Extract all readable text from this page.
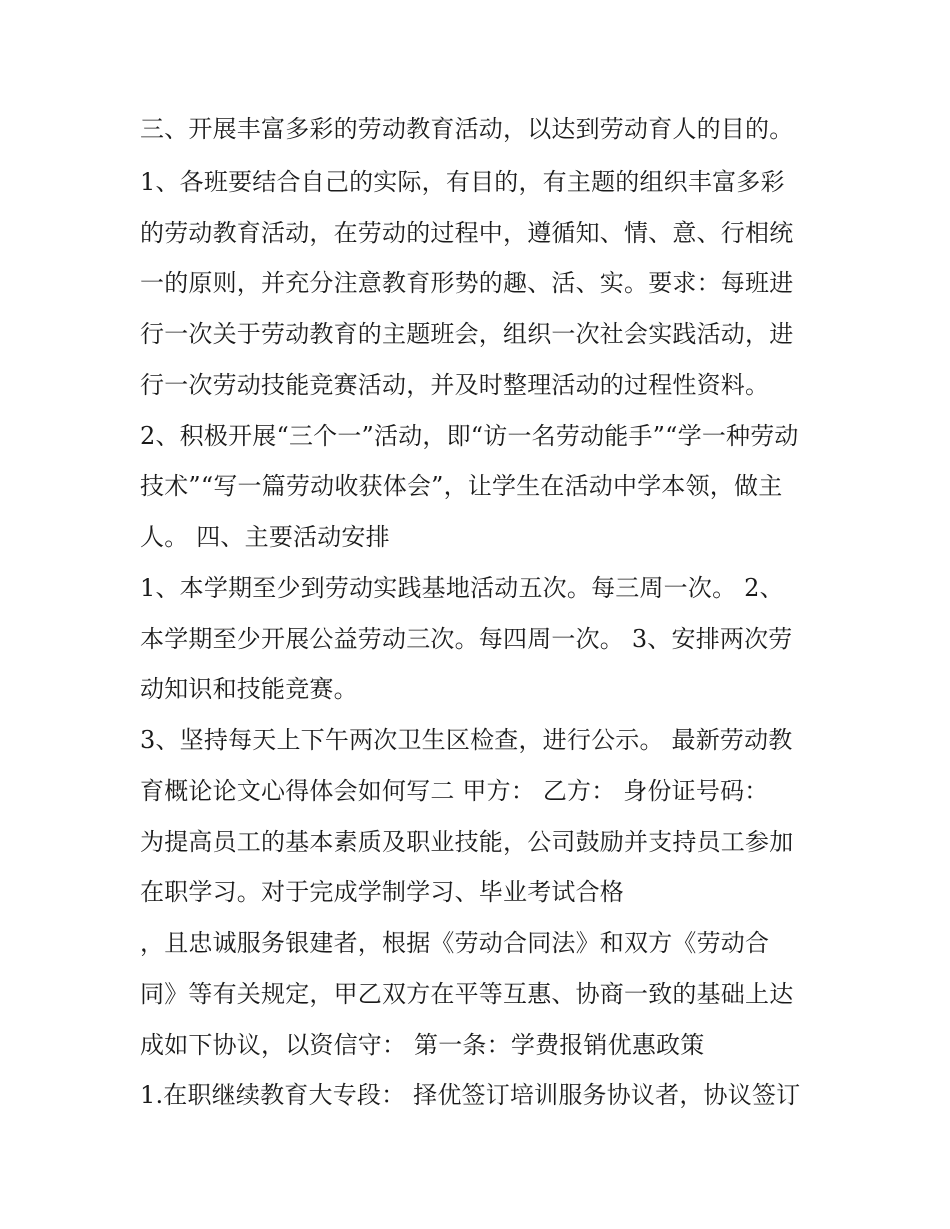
三、开展丰富多彩的劳动教育活动，以达到劳动育人的目的。

1、各班要结合自己的实际，有目的，有主题的组织丰富多彩

的劳动教育活动，在劳动的过程中，遵循知、情、意、行相统

一的原则，并充分注意教育形势的趣、活、实。要求：每班进

行一次关于劳动教育的主题班会，组织一次社会实践活动，进

行一次劳动技能竞赛活动，并及时整理活动的过程性资料。

2、积极开展“三个一”活动，即“访一名劳动能手”“学一种劳动

技术”“写一篇劳动收获体会”，让学生在活动中学本领，做主

人。 四、主要活动安排

1、本学期至少到劳动实践基地活动五次。每三周一次。 2、

本学期至少开展公益劳动三次。每四周一次。 3、安排两次劳

动知识和技能竞赛。

3、坚持每天上下午两次卫生区检查，进行公示。 最新劳动教

育概论论文心得体会如何写二 甲方： 乙方： 身份证号码：

为提高员工的基本素质及职业技能，公司鼓励并支持员工参加

在职学习。对于完成学制学习、毕业考试合格

，且忠诚服务银建者，根据《劳动合同法》和双方《劳动合

同》等有关规定，甲乙双方在平等互惠、协商一致的基础上达

成如下协议，以资信守： 第一条：学费报销优惠政策

1.在职继续教育大专段： 择优签订培训服务协议者，协议签订
